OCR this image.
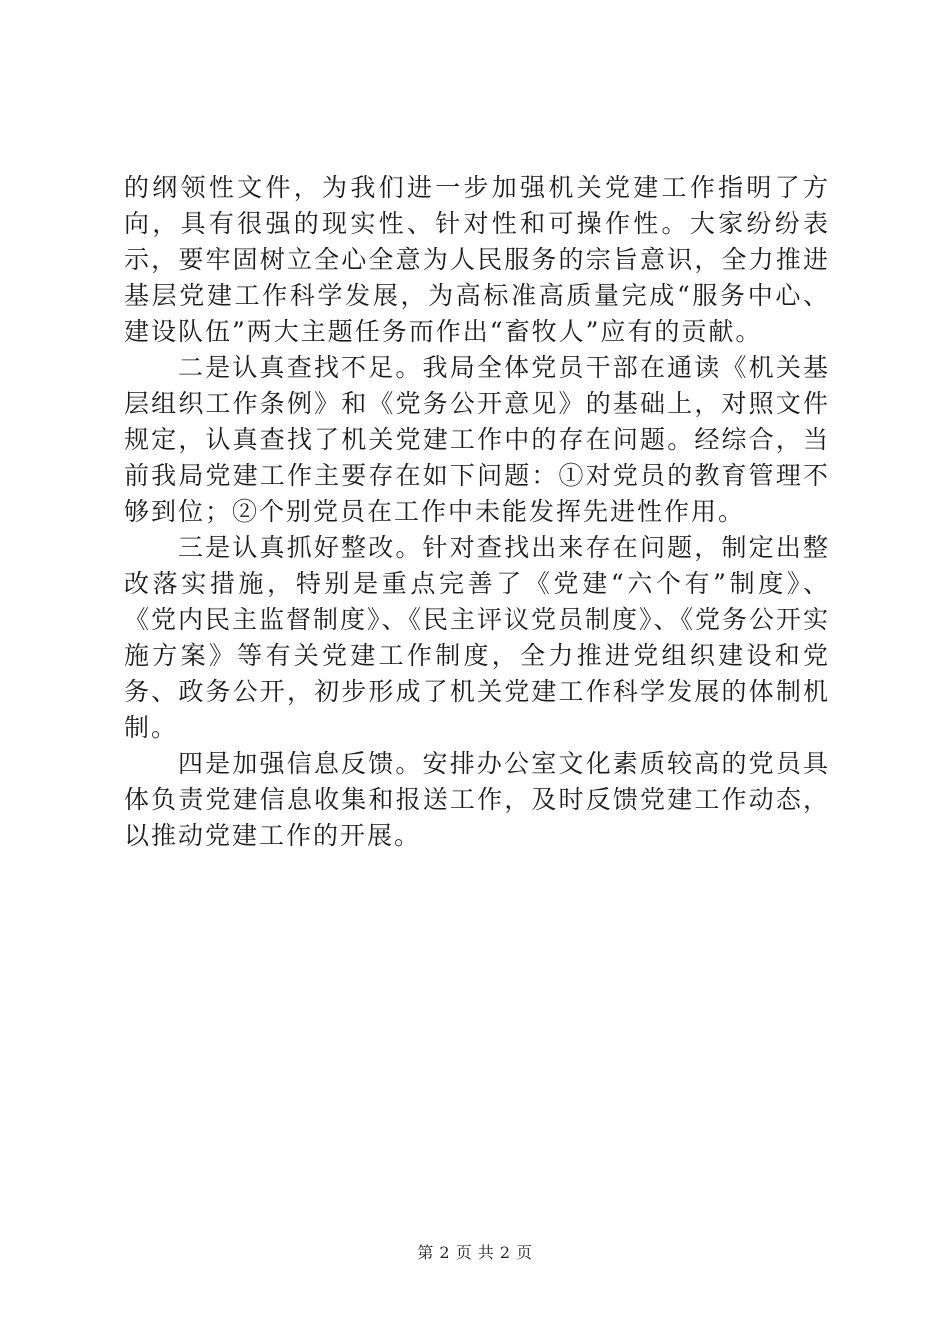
的纲领性文件，为我们进一步加强机关党建工作指明了方向，具有很强的现实性、针对性和可操作性。大家纷纷表示，要牢固树立全心全意为人民服务的宗旨意识，全力推进基层党建工作科学发展，为高标准高质量完成“服务中心、建设队伍”两大主题任务而作出“畜牧人”应有的贡献。

二是认真查找不足。我局全体党员干部在通读《机关基层组织工作条例》和《党务公开意见》的基础上，对照文件规定，认真查找了机关党建工作中的存在问题。经综合，当前我局党建工作主要存在如下问题：①对党员的教育管理不够到位；②个别党员在工作中未能发挥先进性作用。

三是认真抓好整改。针对查找出来存在问题，制定出整改落实措施，特别是重点完善了《党建“六个有”制度》、《党内民主监督制度》、《民主评议党员制度》、《党务公开实施方案》等有关党建工作制度，全力推进党组织建设和党务、政务公开，初步形成了机关党建工作科学发展的体制机制。

四是加强信息反馈。安排办公室文化素质较高的党员具体负责党建信息收集和报送工作，及时反馈党建工作动态，以推动党建工作的开展。

第 2 页 共 2 页
